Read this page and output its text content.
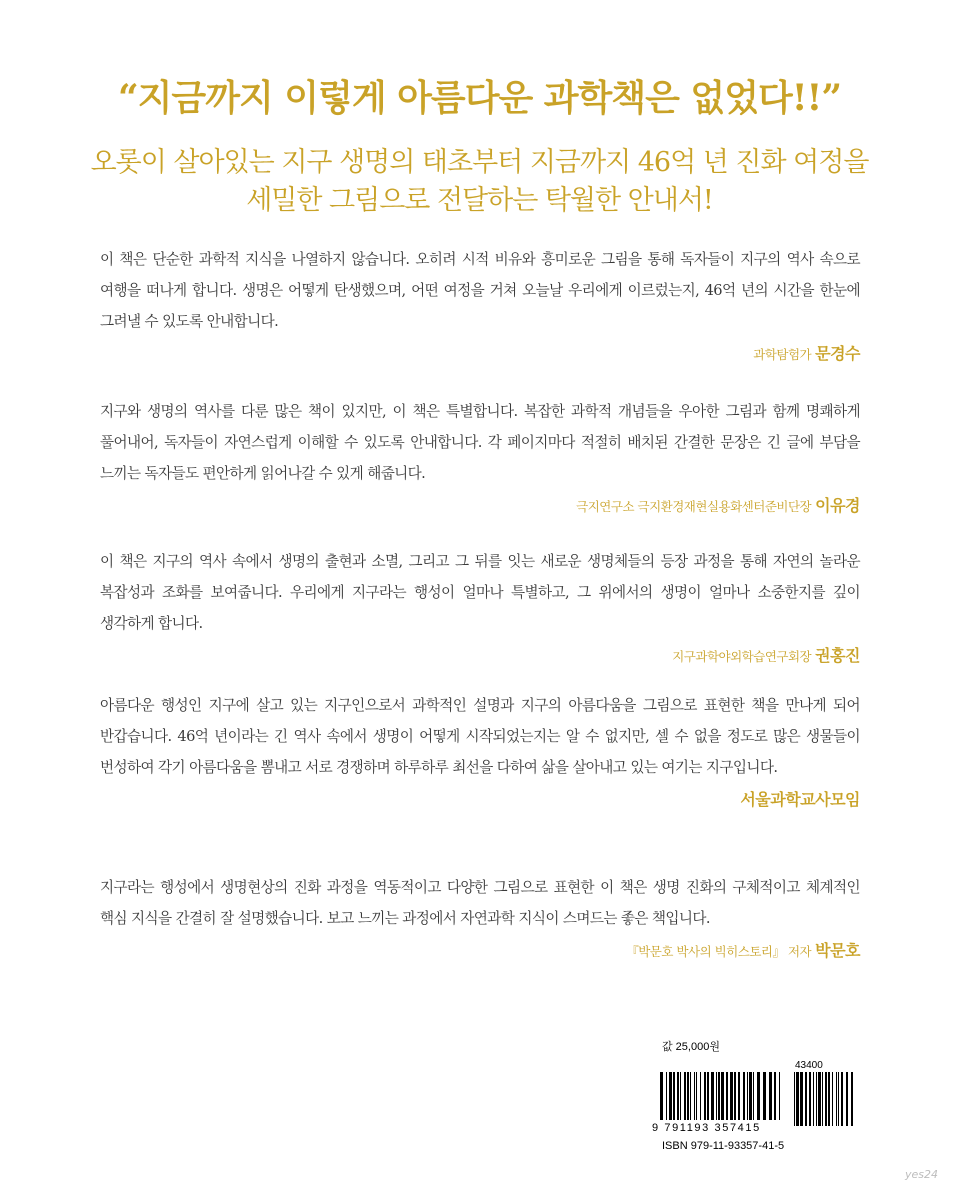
“지금까지 이렇게 아름다운 과학책은 없었다!!”
오롯이 살아있는 지구 생명의 태초부터 지금까지 46억 년 진화 여정을
세밀한 그림으로 전달하는 탁월한 안내서!

이 책은 단순한 과학적 지식을 나열하지 않습니다. 오히려 시적 비유와 흥미로운 그림을 통해 독자들이 지구의 역사 속으로 여행을 떠나게 합니다. 생명은 어떻게 탄생했으며, 어떤 여정을 거쳐 오늘날 우리에게 이르렀는지, 46억 년의 시간을 한눈에 그려낼 수 있도록 안내합니다.

과학탐험가 문경수

지구와 생명의 역사를 다룬 많은 책이 있지만, 이 책은 특별합니다. 복잡한 과학적 개념들을 우아한 그림과 함께 명쾌하게 풀어내어, 독자들이 자연스럽게 이해할 수 있도록 안내합니다. 각 페이지마다 적절히 배치된 간결한 문장은 긴 글에 부담을 느끼는 독자들도 편안하게 읽어나갈 수 있게 해줍니다.

극지연구소 극지환경재현실용화센터준비단장 이유경

이 책은 지구의 역사 속에서 생명의 출현과 소멸, 그리고 그 뒤를 잇는 새로운 생명체들의 등장 과정을 통해 자연의 놀라운 복잡성과 조화를 보여줍니다. 우리에게 지구라는 행성이 얼마나 특별하고, 그 위에서의 생명이 얼마나 소중한지를 깊이 생각하게 합니다.

지구과학야외학습연구회장 권홍진

아름다운 행성인 지구에 살고 있는 지구인으로서 과학적인 설명과 지구의 아름다움을 그림으로 표현한 책을 만나게 되어 반갑습니다. 46억 년이라는 긴 역사 속에서 생명이 어떻게 시작되었는지는 알 수 없지만, 셀 수 없을 정도로 많은 생물들이 번성하여 각기 아름다움을 뽐내고 서로 경쟁하며 하루하루 최선을 다하여 삶을 살아내고 있는 여기는 지구입니다.

서울과학교사모임

지구라는 행성에서 생명현상의 진화 과정을 역동적이고 다양한 그림으로 표현한 이 책은 생명 진화의 구체적이고 체계적인 핵심 지식을 간결히 잘 설명했습니다. 보고 느끼는 과정에서 자연과학 지식이 스며드는 좋은 책입니다.

『박문호 박사의 빅히스토리』 저자 박문호
값 25,000원
43400
9 791193 357415
ISBN 979-11-93357-41-5
yes24
